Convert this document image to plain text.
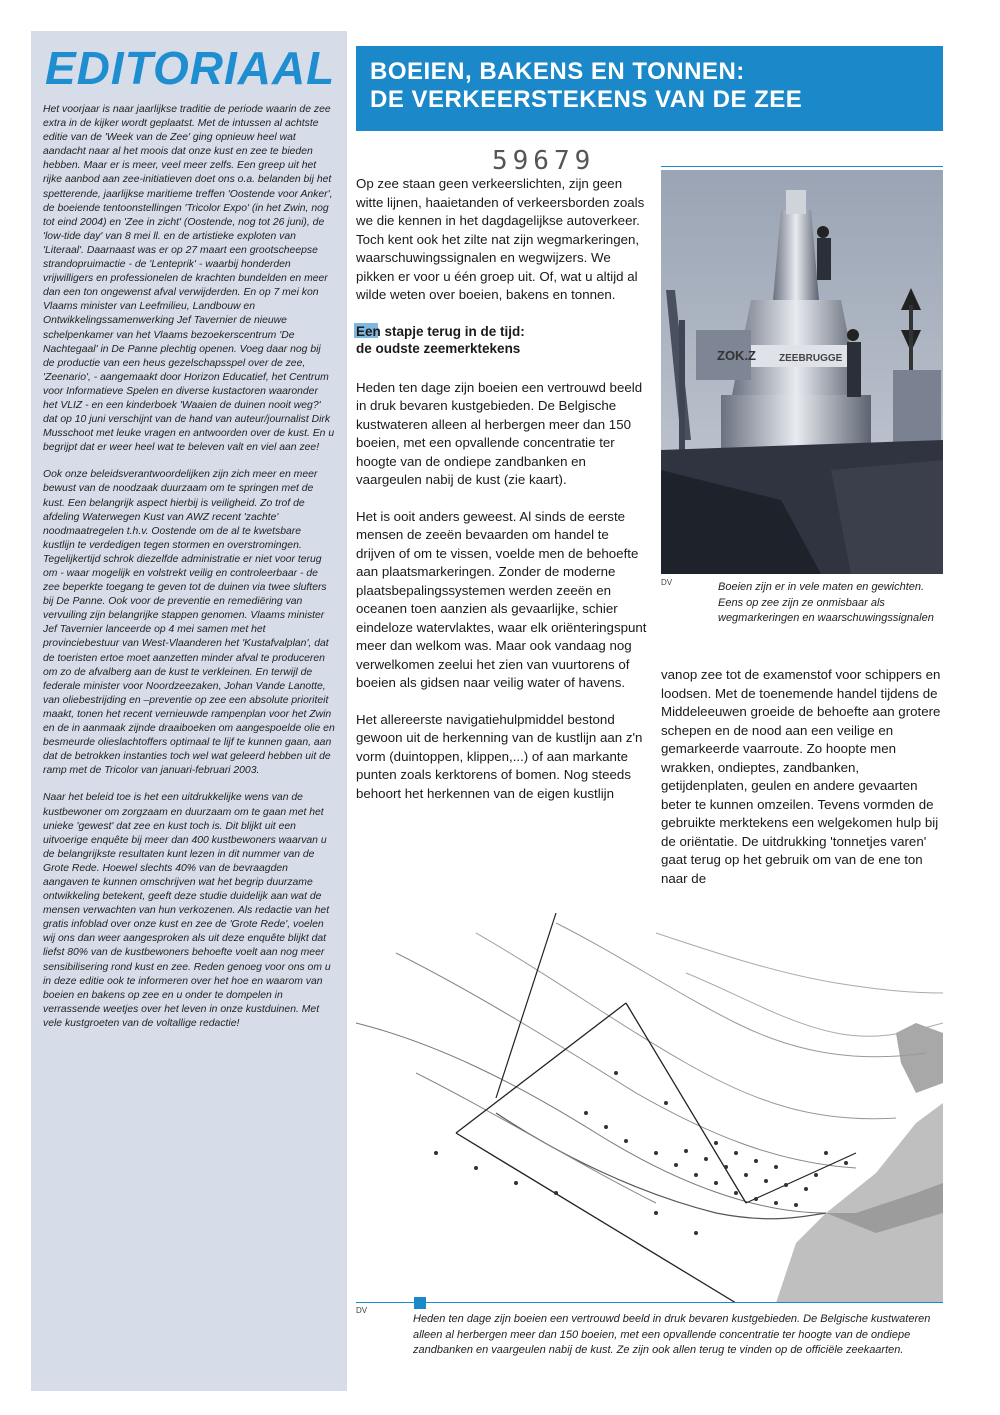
EDITORIAAL

Het voorjaar is naar jaarlijkse traditie de periode waarin de zee extra in de kijker wordt geplaatst. Met de intussen al achtste editie van de 'Week van de Zee' ging opnieuw heel wat aandacht naar al het moois dat onze kust en zee te bieden hebben. Maar er is meer, veel meer zelfs. Een greep uit het rijke aanbod aan zee-initiatieven doet ons o.a. belanden bij het spetterende, jaarlijkse maritieme treffen 'Oostende voor Anker', de boeiende tentoonstellingen 'Tricolor Expo' (in het Zwin, nog tot eind 2004) en 'Zee in zicht' (Oostende, nog tot 26 juni), de 'low-tide day' van 8 mei ll. en de artistieke exploten van 'Literaal'. Daarnaast was er op 27 maart een grootscheepse strandopruimactie - de 'Lenteprik' - waarbij honderden vrijwilligers en professionelen de krachten bundelden en meer dan een ton ongewenst afval verwijderden. En op 7 mei kon Vlaams minister van Leefmilieu, Landbouw en Ontwikkelingssamenwerking Jef Tavernier de nieuwe schelpenkamer van het Vlaams bezoekerscentrum 'De Nachtegaal' in De Panne plechtig openen. Voeg daar nog bij de productie van een heus gezelschapsspel over de zee, 'Zeenario', - aangemaakt door Horizon Educatief, het Centrum voor Informatieve Spelen en diverse kustactoren waaronder het VLIZ - en een kinderboek 'Waaien de duinen nooit weg?' dat op 10 juni verschijnt van de hand van auteur/journalist Dirk Musschoot met leuke vragen en antwoorden over de kust. En u begrijpt dat er weer heel wat te beleven valt en viel aan zee!

Ook onze beleidsverantwoordelijken zijn zich meer en meer bewust van de noodzaak duurzaam om te springen met de kust. Een belangrijk aspect hierbij is veiligheid. Zo trof de afdeling Waterwegen Kust van AWZ recent 'zachte' noodmaatregelen t.h.v. Oostende om de al te kwetsbare kustlijn te verdedigen tegen stormen en overstromingen. Tegelijkertijd schrok diezelfde administratie er niet voor terug om - waar mogelijk en volstrekt veilig en controleerbaar - de zee beperkte toegang te geven tot de duinen via twee slufters bij De Panne. Ook voor de preventie en remediëring van vervuiling zijn belangrijke stappen genomen. Vlaams minister Jef Tavernier lanceerde op 4 mei samen met het provinciebestuur van West-Vlaanderen het 'Kustafvalplan', dat de toeristen ertoe moet aanzetten minder afval te produceren om zo de afvalberg aan de kust te verkleinen. En terwijl de federale minister voor Noordzeezaken, Johan Vande Lanotte, van oliebestrijding en –preventie op zee een absolute prioriteit maakt, tonen het recent vernieuwde rampenplan voor het Zwin en de in aanmaak zijnde draaiboeken om aangespoelde olie en besmeurde olieslachtoffers optimaal te lijf te kunnen gaan, aan dat de betrokken instanties toch wel wat geleerd hebben uit de ramp met de Tricolor van januari-februari 2003.

Naar het beleid toe is het een uitdrukkelijke wens van de kustbewoner om zorgzaam en duurzaam om te gaan met het unieke 'gewest' dat zee en kust toch is. Dit blijkt uit een uitvoerige enquête bij meer dan 400 kustbewoners waarvan u de belangrijkste resultaten kunt lezen in dit nummer van de Grote Rede. Hoewel slechts 40% van de bevraagden aangaven te kunnen omschrijven wat het begrip duurzame ontwikkeling betekent, geeft deze studie duidelijk aan wat de mensen verwachten van hun verkozenen. Als redactie van het gratis infoblad over onze kust en zee de 'Grote Rede', voelen wij ons dan weer aangesproken als uit deze enquête blijkt dat liefst 80% van de kustbewoners behoefte voelt aan nog meer sensibilisering rond kust en zee. Reden genoeg voor ons om u in deze editie ook te informeren over het hoe en waarom van boeien en bakens op zee en u onder te dompelen in verrassende weetjes over het leven in onze kustduinen. Met vele kustgroeten van de voltallige redactie!

BOEIEN, BAKENS EN TONNEN:
DE VERKEERSTEKENS VAN DE ZEE
59679

Op zee staan geen verkeerslichten, zijn geen witte lijnen, haaietanden of verkeersborden zoals we die kennen in het dagdagelijkse autoverkeer. Toch kent ook het zilte nat zijn wegmarkeringen, waarschuwingssignalen en wegwijzers. We pikken er voor u één groep uit. Of, wat u altijd al wilde weten over boeien, bakens en tonnen.

Een stapje terug in de tijd:
de oudste zeemerktekens

Heden ten dage zijn boeien een vertrouwd beeld in druk bevaren kustgebieden. De Belgische kustwateren alleen al herbergen meer dan 150 boeien, met een opvallende concentratie ter hoogte van de ondiepe zandbanken en vaargeulen nabij de kust (zie kaart).

Het is ooit anders geweest. Al sinds de eerste mensen de zeeën bevaarden om handel te drijven of om te vissen, voelde men de behoefte aan plaatsmarkeringen. Zonder de moderne plaatsbepalingssystemen werden zeeën en oceanen toen aanzien als gevaarlijke, schier eindeloze watervlaktes, waar elk oriënteringspunt meer dan welkom was. Maar ook vandaag nog verwelkomen zeelui het zien van vuurtorens of boeien als gidsen naar veilig water of havens.

Het allereerste navigatiehulpmiddel bestond gewoon uit de herkenning van de kustlijn aan z'n vorm (duintoppen, klippen,...) of aan markante punten zoals kerktorens of bomen. Nog steeds behoort het herkennen van de eigen kustlijn

ZOK.Z ZEEBRUGGE
DV	Boeien zijn er in vele maten en gewichten. Eens op zee zijn ze onmisbaar als wegmarkeringen en waarschuwingssignalen

vanop zee tot de examenstof voor schippers en loodsen. Met de toenemende handel tijdens de Middeleeuwen groeide de behoefte aan grotere schepen en de nood aan een veilige en gemarkeerde vaarroute. Zo hoopte men wrakken, ondieptes, zandbanken, getijdenplaten, geulen en andere gevaarten beter te kunnen omzeilen. Tevens vormden de gebruikte merktekens een welgekomen hulp bij de oriëntatie. De uitdrukking 'tonnetjes varen' gaat terug op het gebruik om van de ene ton naar de

DV
Heden ten dage zijn boeien een vertrouwd beeld in druk bevaren kustgebieden. De Belgische kustwateren alleen al herbergen meer dan 150 boeien, met een opvallende concentratie ter hoogte van de ondiepe zandbanken en vaargeulen nabij de kust. Ze zijn ook allen terug te vinden op de officiële zeekaarten.
